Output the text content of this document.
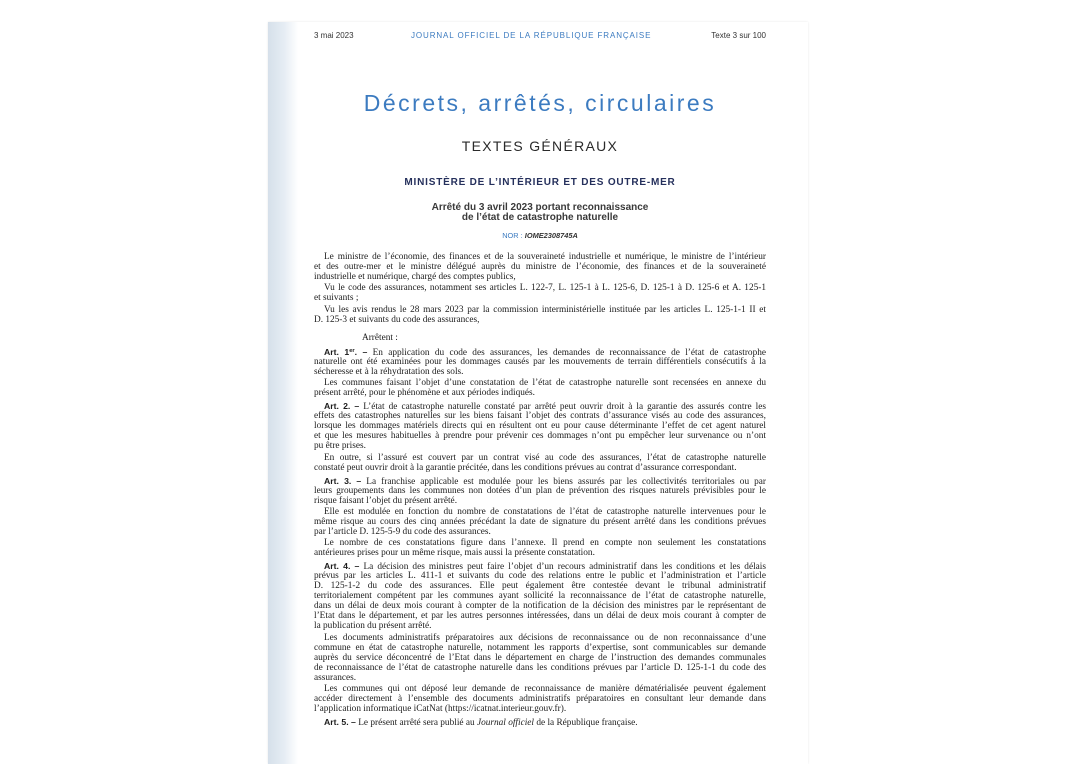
3 mai 2023	JOURNAL OFFICIEL DE LA RÉPUBLIQUE FRANÇAISE	Texte 3 sur 100
Décrets, arrêtés, circulaires
TEXTES GÉNÉRAUX
MINISTÈRE DE L’INTÉRIEUR ET DES OUTRE-MER
Arrêté du 3 avril 2023 portant reconnaissance
de l’état de catastrophe naturelle
NOR : IOME2308745A
Le ministre de l’économie, des finances et de la souveraineté industrielle et numérique, le ministre de l’intérieur
et des outre-mer et le ministre délégué auprès du ministre de l’économie, des finances et de la souveraineté
industrielle et numérique, chargé des comptes publics,
Vu le code des assurances, notamment ses articles L. 122-7, L. 125-1 à L. 125-6, D. 125-1 à D. 125-6 et A. 125-1
et suivants ;
Vu les avis rendus le 28 mars 2023 par la commission interministérielle instituée par les articles L. 125-1-1 II et
D. 125-3 et suivants du code des assurances,
Arrêtent :
Art. 1er. – En application du code des assurances, les demandes de reconnaissance de l’état de catastrophe
naturelle ont été examinées pour les dommages causés par les mouvements de terrain différentiels consécutifs à la
sécheresse et à la réhydratation des sols.
Les communes faisant l’objet d’une constatation de l’état de catastrophe naturelle sont recensées en annexe du
présent arrêté, pour le phénomène et aux périodes indiqués.
Art. 2. – L’état de catastrophe naturelle constaté par arrêté peut ouvrir droit à la garantie des assurés contre les
effets des catastrophes naturelles sur les biens faisant l’objet des contrats d’assurance visés au code des assurances,
lorsque les dommages matériels directs qui en résultent ont eu pour cause déterminante l’effet de cet agent naturel
et que les mesures habituelles à prendre pour prévenir ces dommages n’ont pu empêcher leur survenance ou n’ont
pu être prises.
En outre, si l’assuré est couvert par un contrat visé au code des assurances, l’état de catastrophe naturelle
constaté peut ouvrir droit à la garantie précitée, dans les conditions prévues au contrat d’assurance correspondant.
Art. 3. – La franchise applicable est modulée pour les biens assurés par les collectivités territoriales ou par
leurs groupements dans les communes non dotées d’un plan de prévention des risques naturels prévisibles pour le
risque faisant l’objet du présent arrêté.
Elle est modulée en fonction du nombre de constatations de l’état de catastrophe naturelle intervenues pour le
même risque au cours des cinq années précédant la date de signature du présent arrêté dans les conditions prévues
par l’article D. 125-5-9 du code des assurances.
Le nombre de ces constatations figure dans l’annexe. Il prend en compte non seulement les constatations
antérieures prises pour un même risque, mais aussi la présente constatation.
Art. 4. – La décision des ministres peut faire l’objet d’un recours administratif dans les conditions et les délais
prévus par les articles L. 411-1 et suivants du code des relations entre le public et l’administration et l’article
D. 125-1-2 du code des assurances. Elle peut également être contestée devant le tribunal administratif
territorialement compétent par les communes ayant sollicité la reconnaissance de l’état de catastrophe naturelle,
dans un délai de deux mois courant à compter de la notification de la décision des ministres par le représentant de
l’Etat dans le département, et par les autres personnes intéressées, dans un délai de deux mois courant à compter de
la publication du présent arrêté.
Les documents administratifs préparatoires aux décisions de reconnaissance ou de non reconnaissance d’une
commune en état de catastrophe naturelle, notamment les rapports d’expertise, sont communicables sur demande
auprès du service déconcentré de l’Etat dans le département en charge de l’instruction des demandes communales
de reconnaissance de l’état de catastrophe naturelle dans les conditions prévues par l’article D. 125-1-1 du code des
assurances.
Les communes qui ont déposé leur demande de reconnaissance de manière dématérialisée peuvent également
accéder directement à l’ensemble des documents administratifs préparatoires en consultant leur demande dans
l’application informatique iCatNat (https://icatnat.interieur.gouv.fr).
Art. 5. – Le présent arrêté sera publié au Journal officiel de la République française.
